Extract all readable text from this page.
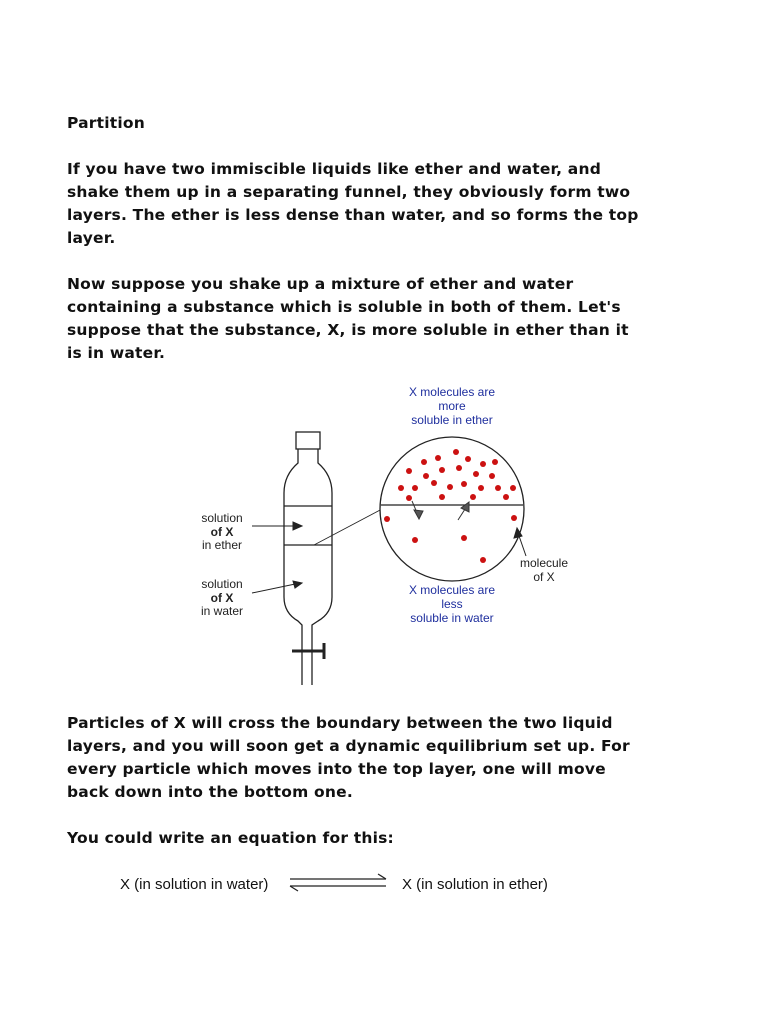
Partition
If you have two immiscible liquids like ether and water, and
shake them up in a separating funnel, they obviously form two
layers. The ether is less dense than water, and so forms the top
layer.
Now suppose you shake up a mixture of ether and water
containing a substance which is soluble in both of them. Let's
suppose that the substance, X, is more soluble in ether than it
is in water.
solution
of X
in ether
solution
of X
in water
X molecules are
more
soluble in ether
X molecules are
less
soluble in water
molecule
of X
Particles of X will cross the boundary between the two liquid
layers, and you will soon get a dynamic equilibrium set up. For
every particle which moves into the top layer, one will move
back down into the bottom one.
You could write an equation for this:
X (in solution in water)	X (in solution in ether)
